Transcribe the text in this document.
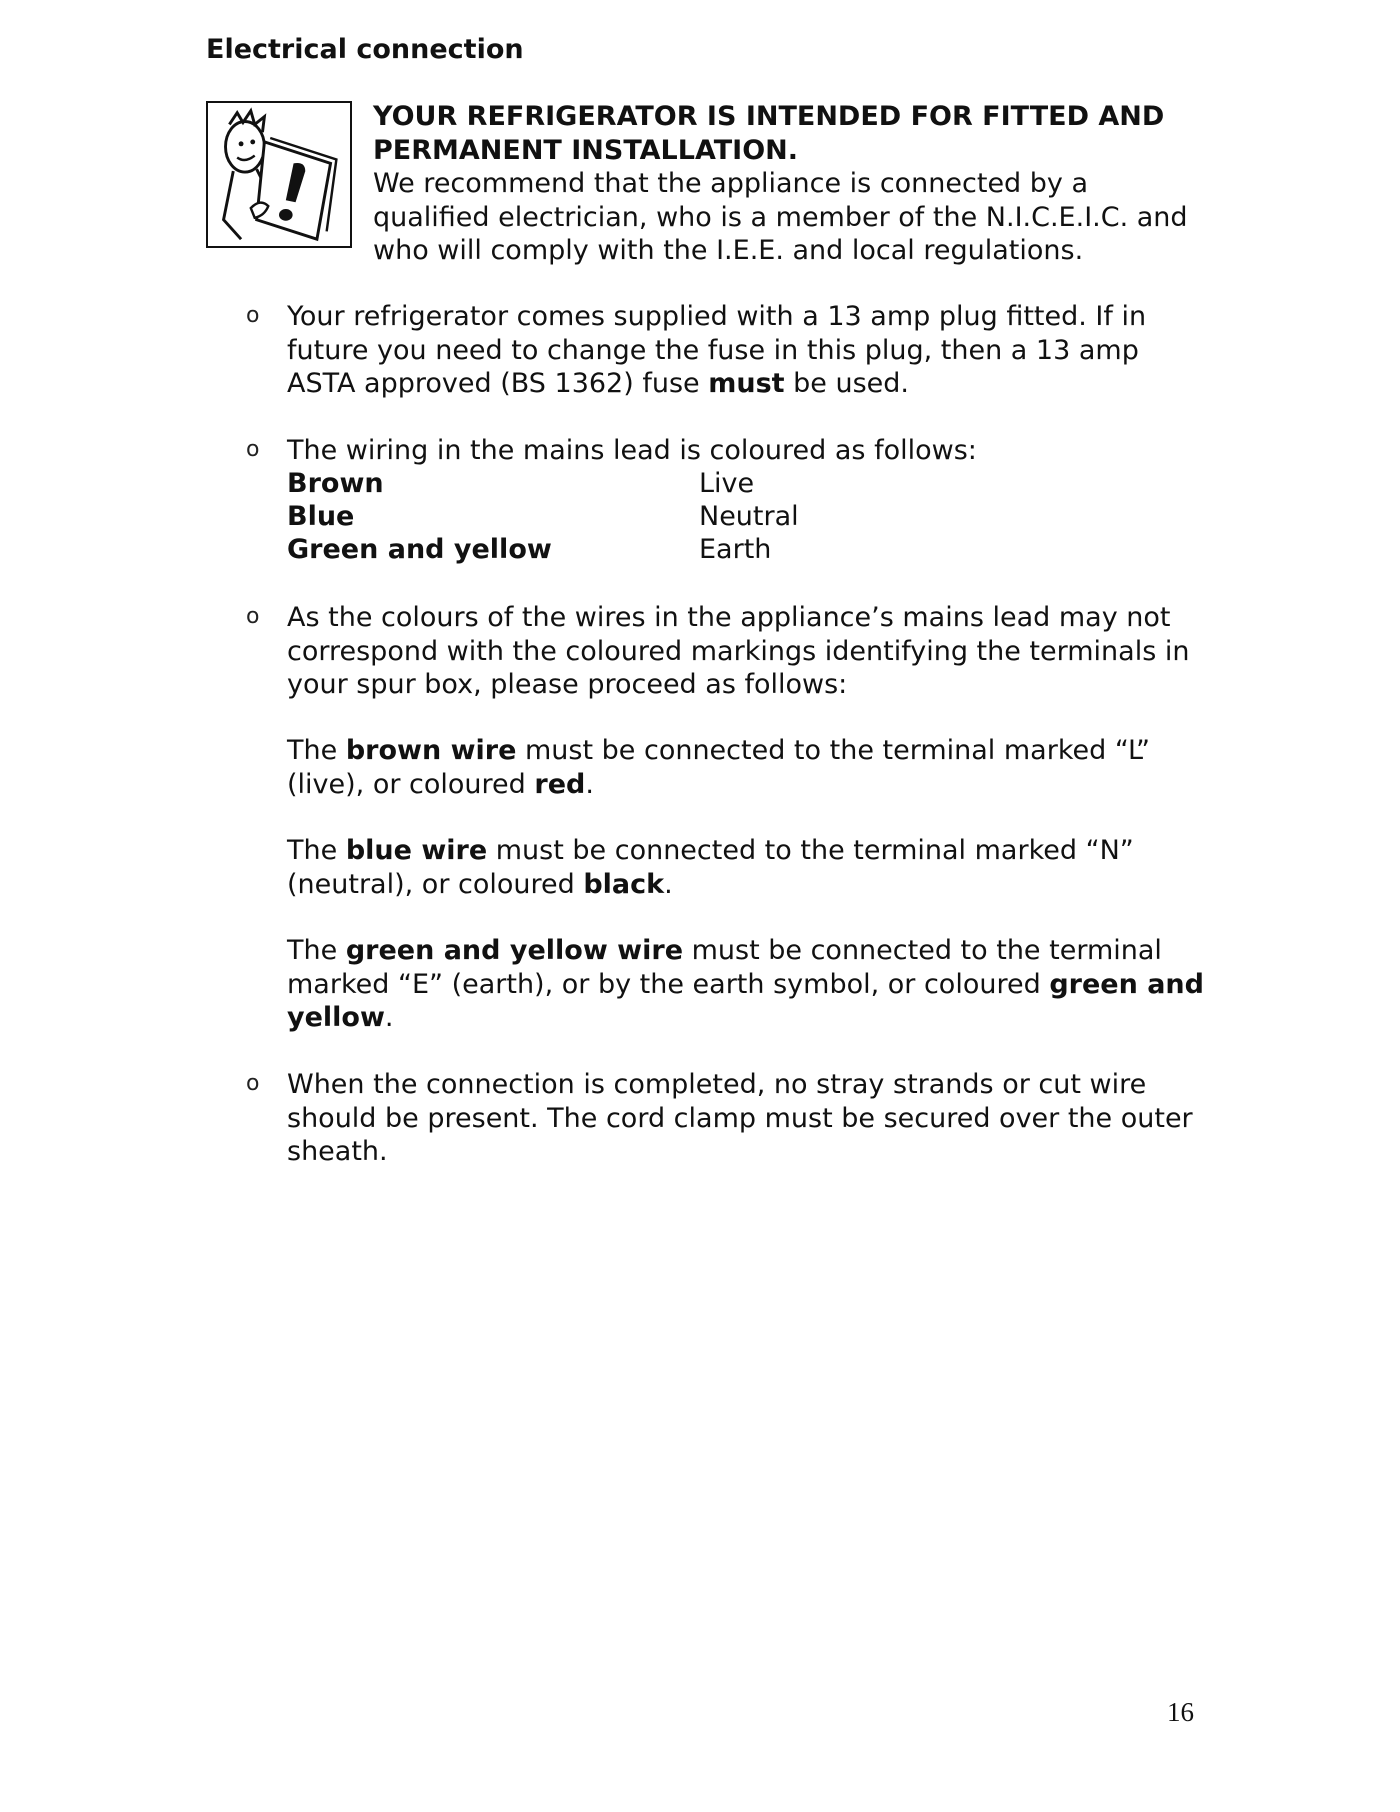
Electrical connection

YOUR REFRIGERATOR IS INTENDED FOR FITTED AND PERMANENT INSTALLATION.
We recommend that the appliance is connected by a qualified electrician, who is a member of the N.I.C.E.I.C. and who will comply with the I.E.E. and local regulations.

o Your refrigerator comes supplied with a 13 amp plug fitted. If in future you need to change the fuse in this plug, then a 13 amp ASTA approved (BS 1362) fuse must be used.

o The wiring in the mains lead is coloured as follows:

Brown	Live
Blue	Neutral
Green and yellow	Earth
o As the colours of the wires in the appliance’s mains lead may not correspond with the coloured markings identifying the terminals in your spur box, please proceed as follows:

The brown wire must be connected to the terminal marked “L” (live), or coloured red.

The blue wire must be connected to the terminal marked “N” (neutral), or coloured black.

The green and yellow wire must be connected to the terminal marked “E” (earth), or by the earth symbol, or coloured green and yellow.

o When the connection is completed, no stray strands or cut wire should be present. The cord clamp must be secured over the outer sheath.

16
